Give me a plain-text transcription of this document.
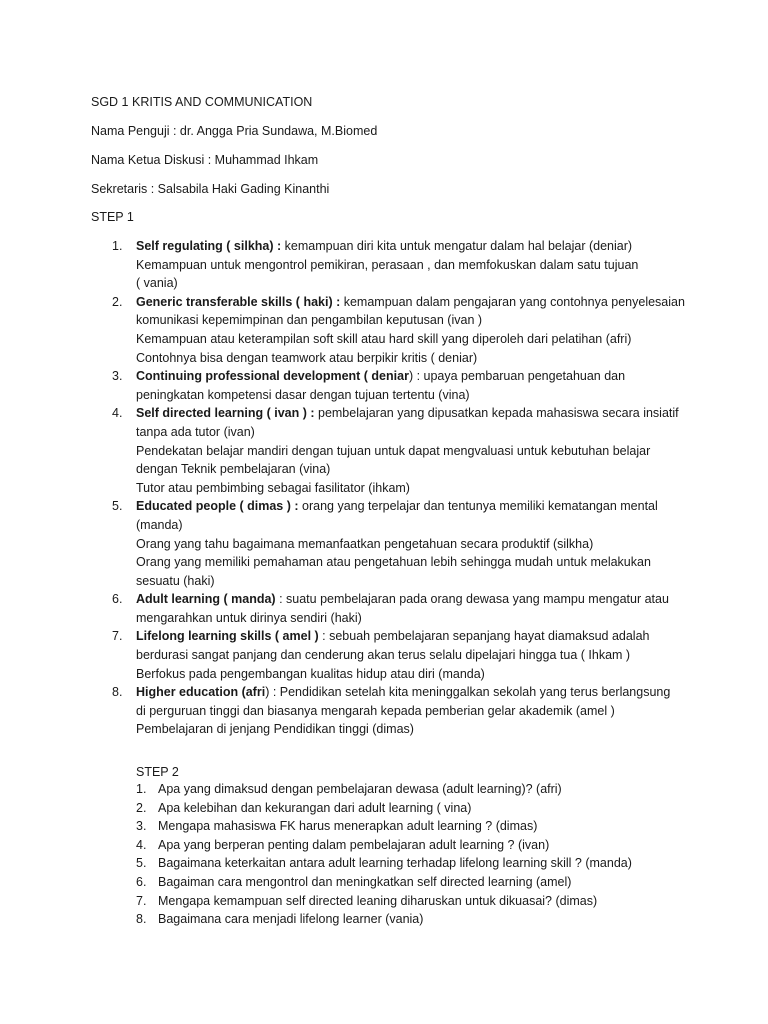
SGD 1 KRITIS AND COMMUNICATION
Nama Penguji : dr. Angga Pria Sundawa, M.Biomed
Nama Ketua Diskusi : Muhammad Ihkam
Sekretaris : Salsabila Haki Gading Kinanthi
STEP 1
1. Self regulating ( silkha) : kemampuan diri kita untuk mengatur dalam hal belajar (deniar)
Kemampuan untuk mengontrol pemikiran, perasaan , dan memfokuskan dalam satu tujuan
( vania)
2. Generic transferable skills ( haki) : kemampuan dalam pengajaran yang contohnya penyelesaian
komunikasi kepemimpinan dan pengambilan keputusan (ivan )
Kemampuan atau keterampilan soft skill atau hard skill yang diperoleh dari pelatihan (afri)
Contohnya bisa dengan teamwork atau berpikir kritis ( deniar)
3. Continuing professional development ( deniar) : upaya pembaruan pengetahuan dan
peningkatan kompetensi dasar dengan tujuan tertentu (vina)
4. Self directed learning ( ivan ) : pembelajaran yang dipusatkan kepada mahasiswa secara insiatif
tanpa ada tutor (ivan)
Pendekatan belajar mandiri dengan tujuan untuk dapat mengvaluasi untuk kebutuhan belajar
dengan Teknik pembelajaran (vina)
Tutor atau pembimbing sebagai fasilitator (ihkam)
5. Educated people ( dimas ) : orang yang terpelajar dan tentunya memiliki kematangan mental
(manda)
Orang yang tahu bagaimana memanfaatkan pengetahuan secara produktif (silkha)
Orang yang memiliki pemahaman atau pengetahuan lebih sehingga mudah untuk melakukan
sesuatu (haki)
6. Adult learning ( manda) : suatu pembelajaran pada orang dewasa yang mampu mengatur atau
mengarahkan untuk dirinya sendiri (haki)
7. Lifelong learning skills ( amel ) : sebuah pembelajaran sepanjang hayat diamaksud adalah
berdurasi sangat panjang dan cenderung akan terus selalu dipelajari hingga tua ( Ihkam )
Berfokus pada pengembangan kualitas hidup atau diri (manda)
8. Higher education (afri) : Pendidikan setelah kita meninggalkan sekolah yang terus berlangsung
di perguruan tinggi dan biasanya mengarah kepada pemberian gelar akademik (amel )
Pembelajaran di jenjang Pendidikan tinggi (dimas)
STEP 2
1. Apa yang dimaksud dengan pembelajaran dewasa (adult learning)? (afri)
2. Apa kelebihan dan kekurangan dari adult learning ( vina)
3. Mengapa mahasiswa FK harus menerapkan adult learning ? (dimas)
4. Apa yang berperan penting dalam pembelajaran adult learning ? (ivan)
5. Bagaimana keterkaitan antara adult learning terhadap lifelong learning skill ? (manda)
6. Bagaiman cara mengontrol dan meningkatkan self directed learning (amel)
7. Mengapa kemampuan self directed leaning diharuskan untuk dikuasai? (dimas)
8. Bagaimana cara menjadi lifelong learner (vania)
